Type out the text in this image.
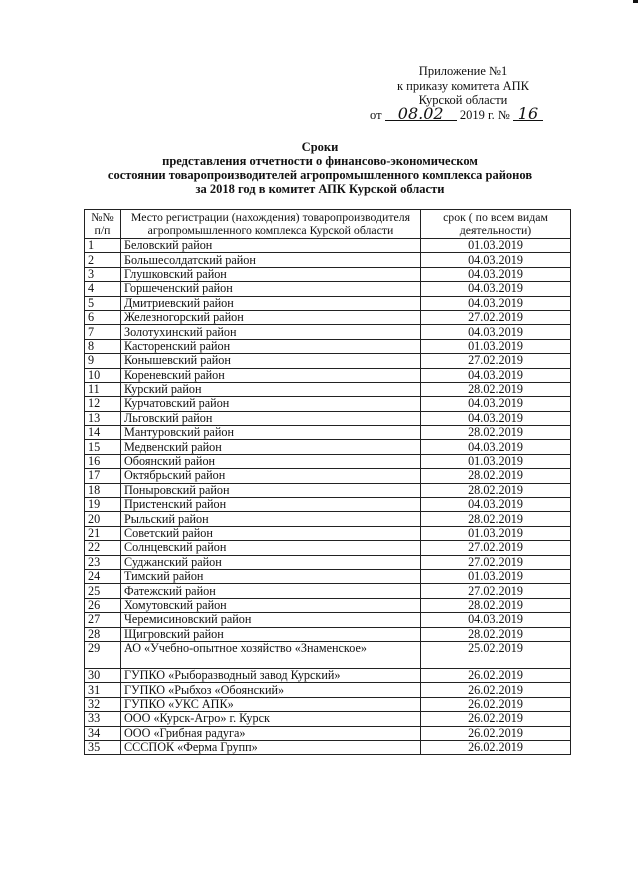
Приложение №1
к приказу комитета АПК
Курской области
от 08.02 2019 г. № 16
Сроки
представления отчетности о финансово-экономическом
состоянии товаропроизводителей агропромышленного комплекса районов
за 2018 год в комитет АПК Курской области
№№ п/п	Место регистрации (нахождения) товаропроизводителя агропромышленного комплекса Курской области	срок ( по всем видам деятельности)
1	Беловский район	01.03.2019
2	Большесолдатский район	04.03.2019
3	Глушковский район	04.03.2019
4	Горшеченский район	04.03.2019
5	Дмитриевский район	04.03.2019
6	Железногорский район	27.02.2019
7	Золотухинский район	04.03.2019
8	Касторенский район	01.03.2019
9	Конышевский район	27.02.2019
10	Кореневский район	04.03.2019
11	Курский район	28.02.2019
12	Курчатовский район	04.03.2019
13	Льговский район	04.03.2019
14	Мантуровский район	28.02.2019
15	Медвенский район	04.03.2019
16	Обоянский район	01.03.2019
17	Октябрьский район	28.02.2019
18	Поныровский район	28.02.2019
19	Пристенский район	04.03.2019
20	Рыльский район	28.02.2019
21	Советский район	01.03.2019
22	Солнцевский район	27.02.2019
23	Суджанский район	27.02.2019
24	Тимский район	01.03.2019
25	Фатежский район	27.02.2019
26	Хомутовский район	28.02.2019
27	Черемисиновский район	04.03.2019
28	Щигровский район	28.02.2019
29	АО «Учебно-опытное хозяйство «Знаменское»	25.02.2019
30	ГУПКО «Рыборазводный завод Курский»	26.02.2019
31	ГУПКО «Рыбхоз «Обоянский»	26.02.2019
32	ГУПКО «УКС АПК»	26.02.2019
33	ООО «Курск-Агро» г. Курск	26.02.2019
34	ООО «Грибная радуга»	26.02.2019
35	СССПОК «Ферма Групп»	26.02.2019
